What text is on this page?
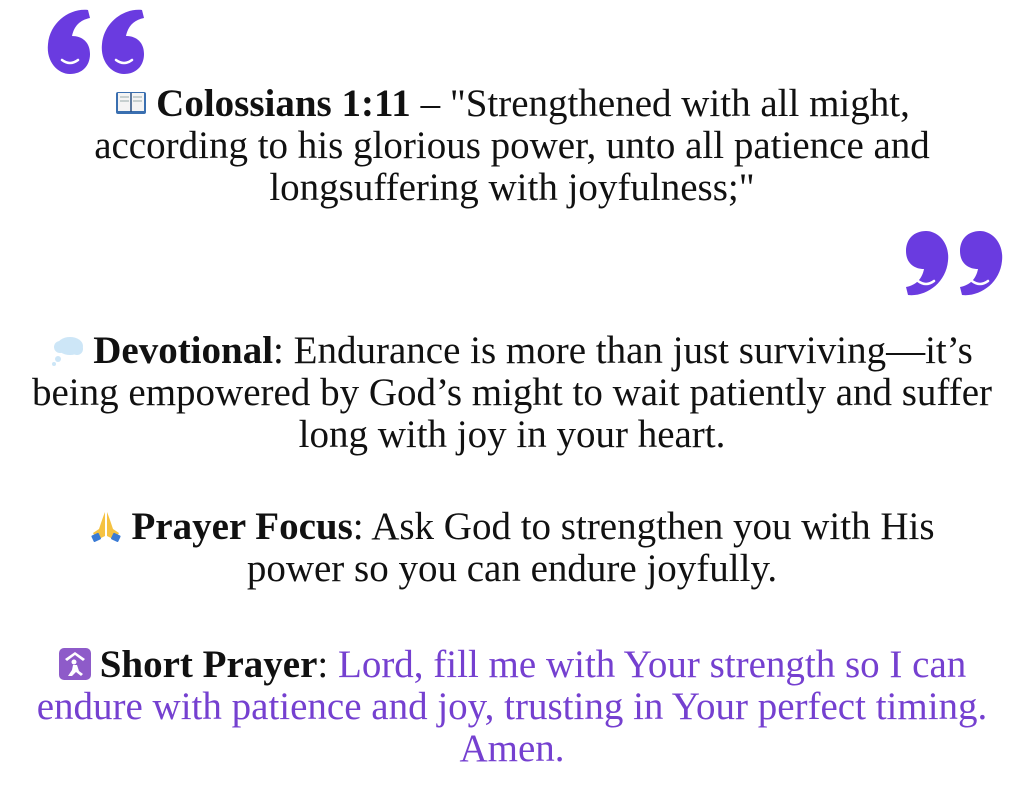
Colossians 1:11 – "Strengthened with all might, according to his glorious power, unto all patience and longsuffering with joyfulness;"
Devotional: Endurance is more than just surviving—it’s being empowered by God’s might to wait patiently and suffer long with joy in your heart.
Prayer Focus: Ask God to strengthen you with His power so you can endure joyfully.
Short Prayer: Lord, fill me with Your strength so I can endure with patience and joy, trusting in Your perfect timing. Amen.
